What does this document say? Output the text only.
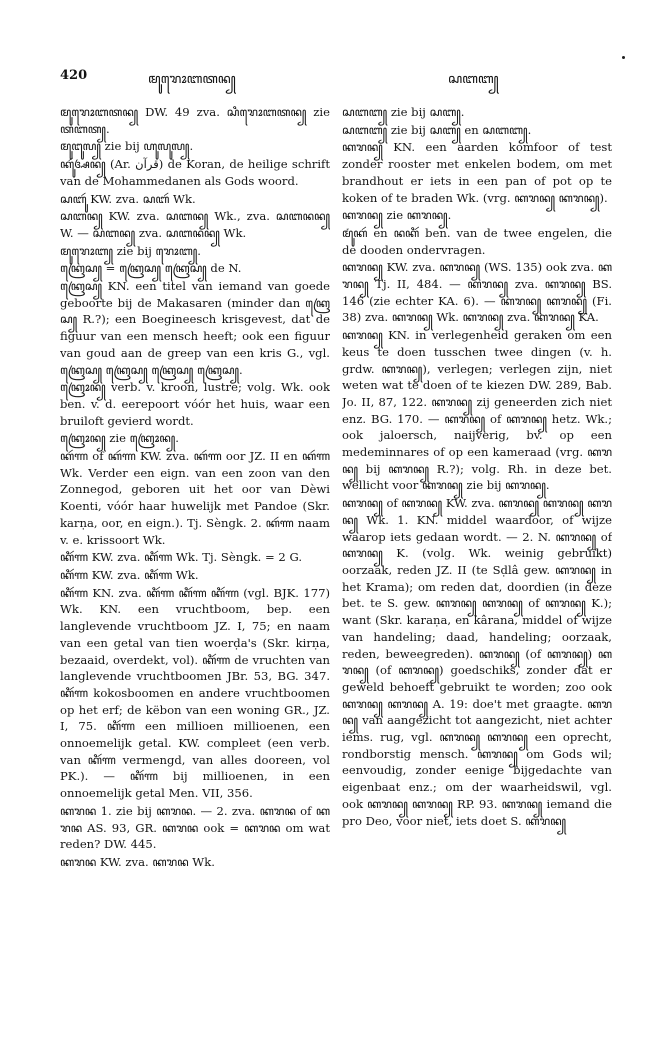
420	ꦩꦸꦫꦺꦴꦧꦠꦤ꧀	ꦱꦧꦧ꧀

ꦩꦸꦫꦺꦴꦧꦠꦤ꧀ DW. 49 zva. ꦱꦶꦫꦺꦴꦧꦠꦤ꧀ zie ꦠꦧꦠ꧀.

ꦩꦸꦔꦸꦭ꧀ zie bij ꦲꦸꦭꦸꦭ꧀.

ꦏꦸꦂꦄꦤ꧀ (Ar. قرآن) de Koran, de heilige schrift van de Mohammedanen als Gods woord.

ꦱꦧꦸꦂ KW. zva. ꦱꦧꦂ Wk.

ꦱꦧꦤ꧀ KW. zva. ꦱꦧꦤ꧀ Wk., zva. ꦱꦧꦤꦤ꧀ W. — ꦱꦧꦤ꧀ zva. ꦱꦧꦤꦤ꧀ Wk.

ꦩꦸꦫꦺꦴꦧ꧀ zie bij ꦫꦺꦴꦧ꧀.

ꦏꦿꦺꦱ꧀ = ꦏꦿꦺꦱ꧀ ꦏꦿꦺꦱ꧀ de N.

ꦏꦿꦺꦱ꧀ KN. een titel van iemand van goede geboorte bij de Makasaren (minder dan ꦏꦿꦺꦱ꧀ R.?); een Boegineesch krisgevest, dat de figuur van een mensch heeft; ook een figuur van goud aan de greep van een kris G., vgl. ꦏꦿꦺꦱ꧀ ꦏꦿꦺꦱ꧀ ꦏꦿꦺꦱ꧀ ꦏꦿꦺꦱ꧀.

ꦏꦿꦺꦴꦤ꧀ verb. v. kroon, lustre; volg. Wk. ook ben. v. d. eerepoort vóór het huis, waar een bruiloft gevierd wordt.

ꦏꦿꦺꦴꦤ꧀ zie ꦏꦿꦺꦴꦤ꧀.

ꦏꦂꦟ of ꦏꦂꦟ KW. zva. ꦏꦂꦟ oor JZ. II en ꦏꦂꦟ Wk. Verder een eign. van een zoon van den Zonnegod, geboren uit het oor van Dèwi Koenti, vóór haar huwelijk met Pandoe (Skr. karṇa, oor, en eign.). Tj. Sèngk. 2. ꦏꦂꦟ naam v. e. krissoort Wk.

ꦏꦶꦂꦟ KW. zva. ꦏꦶꦂꦟ Wk. Tj. Sèngk. = 2 G.

ꦏꦶꦂꦟ KW. zva. ꦏꦶꦂꦟ Wk.

ꦏꦶꦂꦟ KN. zva. ꦏꦶꦂꦟ ꦏꦶꦂꦟ ꦏꦶꦂꦟ (vgl. BJK. 177) Wk. KN. een vruchtboom, bep. een langlevende vruchtboom JZ. I, 75; en naam van een getal van tien woerḍa's (Skr. kirṇa, bezaaid, overdekt, vol). ꦏꦶꦂꦟ de vruchten van langlevende vruchtboomen JBr. 53, BG. 347. ꦏꦶꦂꦟ kokosboomen en andere vruchtboomen op het erf; de këbon van een woning GR., JZ. I, 75. ꦏꦶꦂꦟ een millioen millioenen, een onnoemelijk getal. KW. compleet (een verb. van ꦏꦶꦂꦟ vermengd, van alles dooreen, vol PK.). — ꦏꦶꦂꦟ bij millioenen, in een onnoemelijk getal Men. VII, 356.

ꦏꦫꦤ 1. zie bij ꦏꦫꦤ. — 2. zva. ꦏꦫꦤ of ꦏꦫꦤ AS. 93, GR. ꦏꦫꦤ ook = ꦏꦫꦤ om wat reden? DW. 445.

ꦏꦫꦤ KW. zva. ꦏꦫꦤ Wk.

ꦱꦧꦧ꧀ zie bij ꦱꦧ꧀.

ꦱꦧꦧ꧀ zie bij ꦱꦧ꧀ en ꦱꦧꦧ꧀.

ꦏꦫꦤ꧀ KN. een aarden komfoor of test zonder rooster met enkelen bodem, om met brandhout er iets in een pan of pot op te koken of te braden Wk. (vrg. ꦏꦫꦤ꧀ ꦏꦫꦤ꧀).

ꦏꦫꦤ꧀ zie ꦏꦫꦤ꧀.

ꦩꦸꦁꦏꦂ en ꦤꦏꦶꦂ ben. van de twee engelen, die de dooden ondervragen.

ꦏꦫꦤ꧀ KW. zva. ꦏꦫꦤ꧀ (WS. 135) ook zva. ꦏꦫꦤ꧀ Tj. II, 484. — ꦏꦫꦤ꧀ zva. ꦏꦫꦤ꧀ BS. 146 (zie echter KA. 6). — ꦏꦫꦤ꧀ ꦏꦫꦤ꧀ (Fi. 38) zva. ꦏꦫꦤ꧀ Wk. ꦏꦫꦤ꧀ zva. ꦏꦫꦤ꧀ KA.

ꦏꦫꦤ꧀ KN. in verlegenheid geraken om een keus te doen tusschen twee dingen (v. h. grdw. ꦏꦫꦤ꧀), verlegen; verlegen zijn, niet weten wat te doen of te kiezen DW. 289, Bab. Jo. II, 87, 122. ꦏꦫꦤ꧀ zij geneerden zich niet enz. BG. 170. — ꦏꦫꦤ꧀ of ꦏꦫꦤ꧀ hetz. Wk.; ook jaloersch, naijverig, bv. op een medeminnares of op een kameraad (vrg. ꦏꦫꦤ꧀ bij ꦏꦫꦤ꧀ R.?); volg. Rh. in deze bet. wellicht voor ꦏꦫꦤ꧀ zie bij ꦏꦫꦤ꧀.

ꦏꦫꦤ꧀ of ꦏꦫꦤ꧀ KW. zva. ꦏꦫꦤ꧀ ꦏꦫꦤ꧀ ꦏꦫꦤ꧀ Wk. 1. KN. middel waardoor, of wijze waarop iets gedaan wordt. — 2. N. ꦏꦫꦤ꧀ of ꦏꦫꦤ꧀ K. (volg. Wk. weinig gebruikt) oorzaak, reden JZ. II (te Sḍlâ gew. ꦏꦫꦤ꧀ in het Krama); om reden dat, doordien (in deze bet. te S. gew. ꦏꦫꦤ꧀ ꦏꦫꦤ꧀ of ꦏꦫꦤ꧀ K.); want (Skr. karaṇa, en kârana, middel of wijze van handeling; daad, handeling; oorzaak, reden, beweegreden). ꦏꦫꦤ꧀ (of ꦏꦫꦤ꧀) ꦏꦫꦤ꧀ (of ꦏꦫꦤ꧀) goedschiks, zonder dat er geweld behoeft gebruikt te worden; zoo ook ꦏꦫꦤ꧀ ꦏꦫꦤ꧀ A. 19: doe't met graagte. ꦏꦫꦤ꧀ van aangezicht tot aangezicht, niet achter iems. rug, vgl. ꦏꦫꦤ꧀ ꦏꦫꦤ꧀ een oprecht, rondborstig mensch. ꦏꦫꦤ꧀ om Gods wil; eenvoudig, zonder eenige bijgedachte van eigenbaat enz.; om der waarheidswil, vgl. ook ꦏꦫꦤ꧀ ꦏꦫꦤ꧀ RP. 93. ꦏꦫꦤ꧀ iemand die pro Deo, voor niet, iets doet S. ꦏꦫꦤ꧀
